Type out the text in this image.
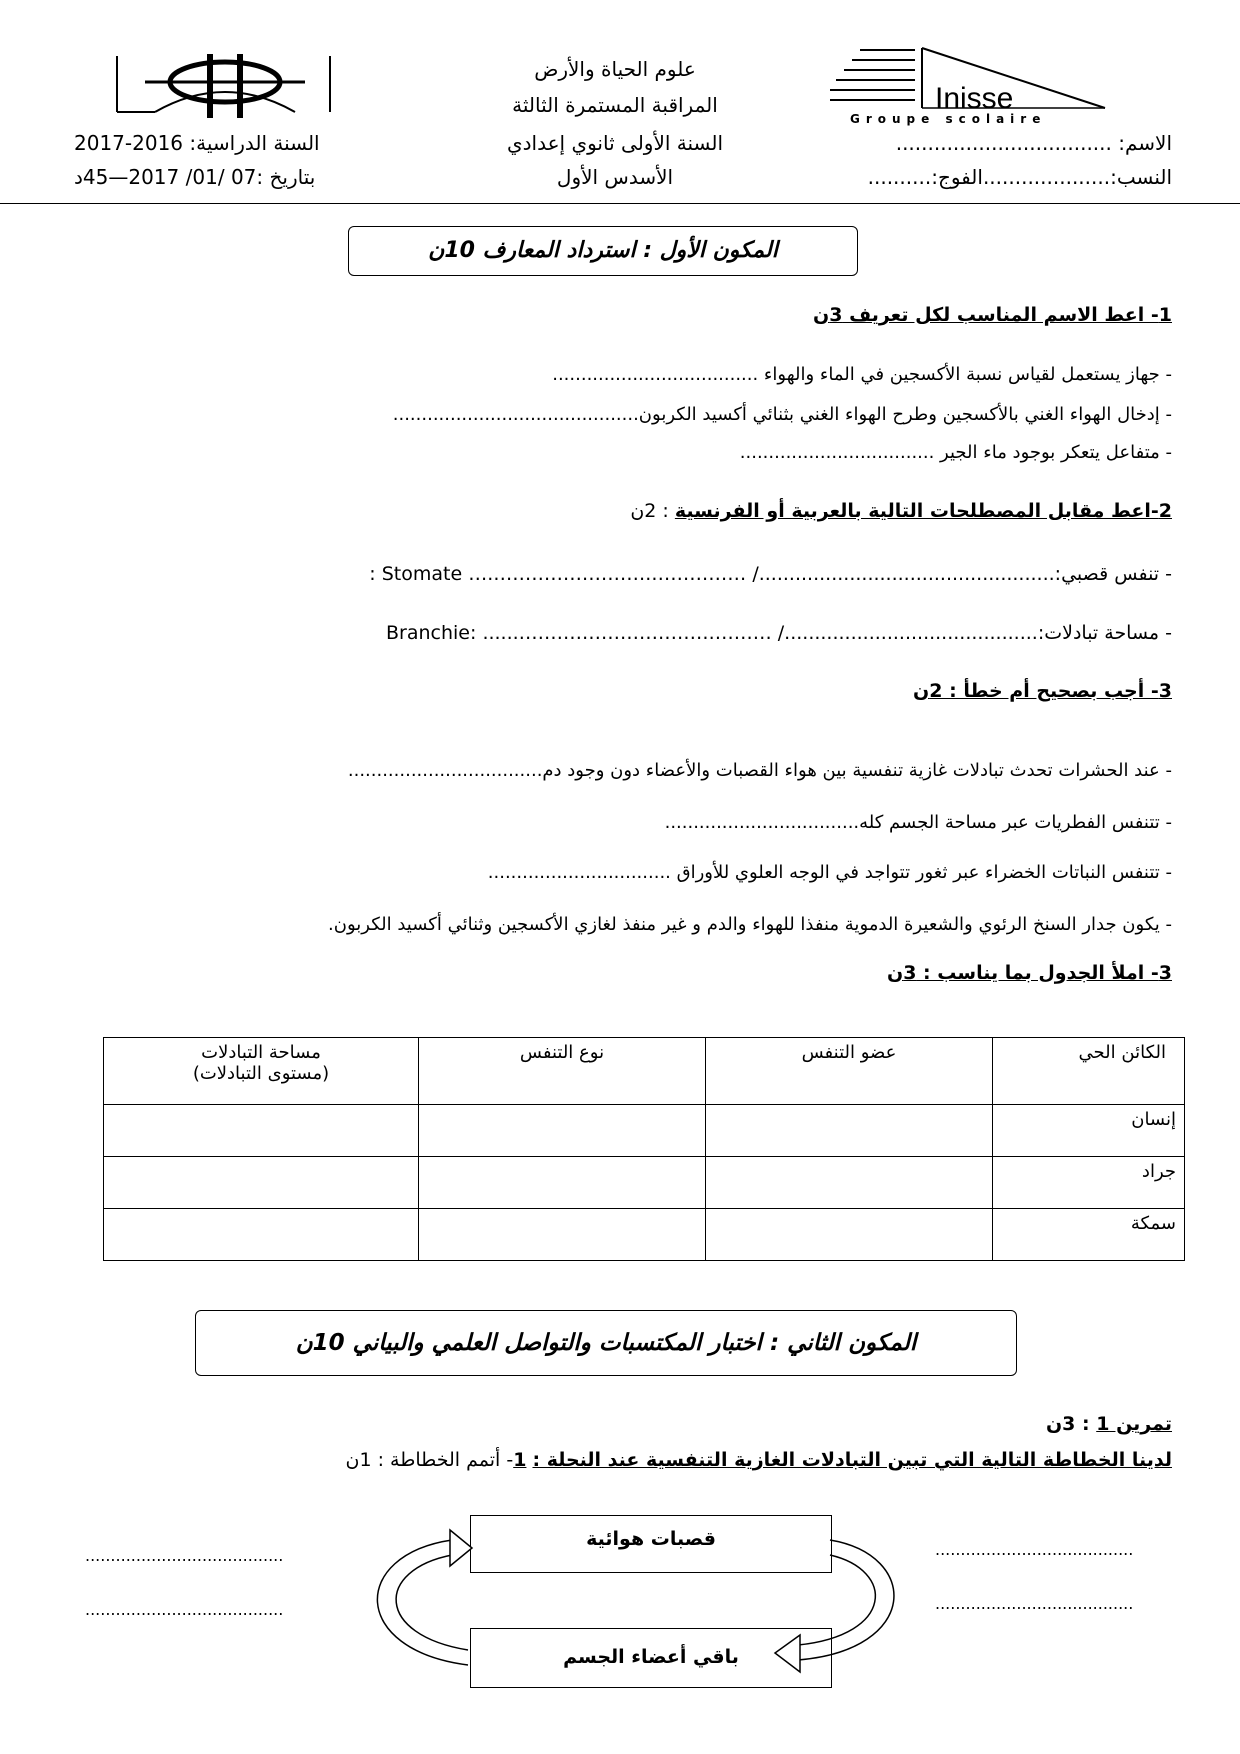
Inisse
Groupe scolaire
علوم الحياة والأرض
المراقبة المستمرة الثالثة
السنة الأولى ثانوي إعدادي
الأسدس الأول
الاسم: ..................................
النسب:....................الفوج:..........
السنة الدراسية: 2016-2017
بتاريخ :07 /01/ 2017—45د
المكون الأول : استرداد المعارف 10ن
1- اعط الاسم المناسب لكل تعريف 3ن
- جهاز يستعمل لقياس نسبة الأكسجين في الماء والهواء ....................................
- إدخال الهواء الغني بالأكسجين وطرح الهواء الغني بثنائي أكسيد الكربون...........................................
- متفاعل يتعكر بوجود ماء الجير ..................................
2-اعط مقابل المصطلحات التالية بالعربية أو الفرنسية : 2ن
- تنفس قصبي:................................................./ …………….…………………….… Stomate :
- مساحة تبادلات:........................................../ ……….…………………………...... :Branchie
3- أجب بصحيح أم خطأ : 2ن
- عند الحشرات تحدث تبادلات غازية تنفسية بين هواء القصبات والأعضاء دون وجود دم..................................
- تتنفس الفطريات عبر مساحة الجسم كله..................................
- تتنفس النباتات الخضراء عبر ثغور تتواجد في الوجه العلوي للأوراق ................................
- يكون جدار السنخ الرئوي والشعيرة الدموية منفذا للهواء والدم و غير منفذ لغازي الأكسجين وثنائي أكسيد الكربون.
3- املأ الجدول بما يناسب : 3ن
الكائن الحي	عضو التنفس	نوع التنفس	مساحة التبادلات
(مستوى التبادلات)

إنسان			
جراد			
سمكة			
المكون الثاني : اختبار المكتسبات والتواصل العلمي والبياني 10ن
تمرين 1 : 3ن
لدينا الخطاطة التالية التي تبين التبادلات الغازية التنفسية عند النحلة : 1- أتمم الخطاطة : 1ن
قصبات هوائية
باقي أعضاء الجسم
.......................................
.......................................
.......................................
.......................................
